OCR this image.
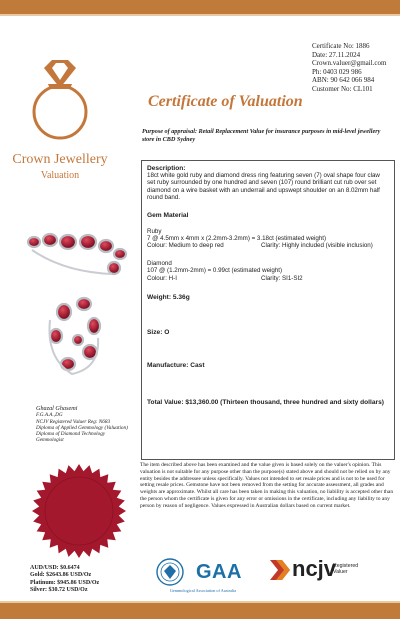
Certificate No: 1886
Date: 27.11.2024
Crown.valuer@gmail.com
Ph: 0403 029 986
ABN: 90 642 066 984
Customer No: CL101
Crown Jewellery
Valuation
Certificate of Valuation
Purpose of appraisal: Retail Replacement Value for insurance purposes in mid-level jewellery store in CBD Sydney
Description:
18ct white gold ruby and diamond dress ring featuring seven (7) oval shape four claw set ruby surrounded by one hundred and seven (107) round brilliant cut rub over set diamond on a wire basket with an underrail and upswept shoulder on an 8.02mm half round band.
Gem Material
Ruby
7 @ 4.5mm x 4mm x (2.2mm-3.2mm) = 3.18ct (estimated weight)
Colour: Medium to deep red	Clarity: Highly included (visible inclusion)
Diamond
107 @ (1.2mm-2mm) = 0.99ct (estimated weight)
Colour: H-I	Clarity: SI1-SI2
Weight: 5.36g
Size: O
Manufacture: Cast
Total Value: $13,360.00 (Thirteen thousand, three hundred and sixty dollars)
Ghazal Ghasemi
F.G.A.A.,DG
NCJV Registered Valuer Reg: N683
Diploma of Applied Gemmology (Valuation)
Diploma of Diamond Technology
Gemmologist
The item described above has been examined and the value given is based solely on the valuer's opinion. This valuation is not suitable for any purpose other than the purpose(s) stated above and should not be relied on by any entity besides the addressee unless specifically. Values not intended to set resale prices and is not to be used for setting resale prices. Gemstone have not been removed from the setting for accurate assessment, all grades and weights are approximate. Whilst all care has been taken in making this valuation, no liability is accepted other than the person whom the certificate is given for any error or omissions in the certificate, including any liability to any person by reason of negligence. Values expressed in Australian dollars based on current market.
AUD/USD: $0.6474
Gold: $2643.86 USD/Oz
Platinum: $945.86 USD/Oz
Silver: $30.72 USD/Oz
GAA
Gemmological Association of Australia
ncjv
Registered Valuer
